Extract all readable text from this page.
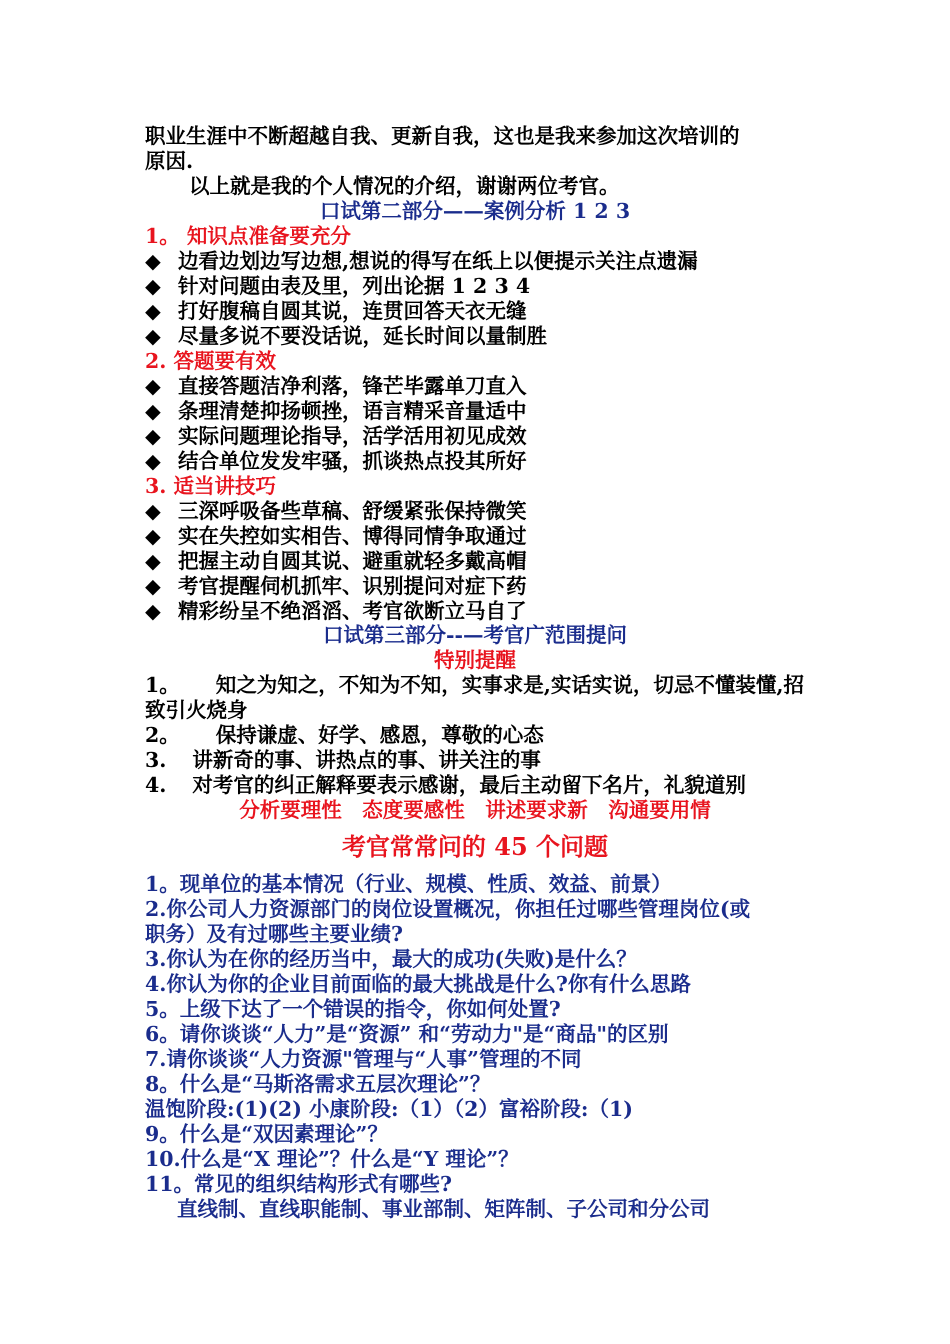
职业生涯中不断超越自我、更新自我，这也是我来参加这次培训的
原因.
以上就是我的个人情况的介绍，谢谢两位考官。
口试第二部分——案例分析 1 2 3
1。 知识点准备要充分
◆ 边看边划边写边想,想说的得写在纸上以便提示关注点遗漏
◆ 针对问题由表及里，列出论据 1 2 3 4
◆ 打好腹稿自圆其说，连贯回答天衣无缝
◆ 尽量多说不要没话说，延长时间以量制胜
2. 答题要有效
◆ 直接答题洁净利落，锋芒毕露单刀直入
◆ 条理清楚抑扬顿挫，语言精采音量适中
◆ 实际问题理论指导，活学活用初见成效
◆ 结合单位发发牢骚，抓谈热点投其所好
3. 适当讲技巧
◆ 三深呼吸备些草稿、舒缓紧张保持微笑
◆ 实在失控如实相告、博得同情争取通过
◆ 把握主动自圆其说、避重就轻多戴高帽
◆ 考官提醒伺机抓牢、识别提问对症下药
◆ 精彩纷呈不绝滔滔、考官欲断立马自了
口试第三部分--—考官广范围提问
特别提醒
1。 知之为知之，不知为不知，实事求是,实话实说，切忌不懂装懂,招致引火烧身
2。 保持谦虚、好学、感恩，尊敬的心态
3. 讲新奇的事、讲热点的事、讲关注的事
4. 对考官的纠正解释要表示感谢，最后主动留下名片，礼貌道别
分析要理性　态度要感性　讲述要求新　沟通要用情
考官常常问的 45 个问题
1。现单位的基本情况（行业、规模、性质、效益、前景）
2.你公司人力资源部门的岗位设置概况，你担任过哪些管理岗位(或
职务）及有过哪些主要业绩?
3.你认为在你的经历当中，最大的成功(失败)是什么？
4.你认为你的企业目前面临的最大挑战是什么?你有什么思路
5。上级下达了一个错误的指令，你如何处置?
6。请你谈谈“人力”是“资源” 和“劳动力"是“商品"的区别
7.请你谈谈“人力资源"管理与“人事”管理的不同
8。什么是“马斯洛需求五层次理论”？
温饱阶段:(1)(2) 小康阶段:（1）（2）富裕阶段:（1)
9。什么是“双因素理论”？
10.什么是“X 理论”？什么是“Y 理论”？
11。常见的组织结构形式有哪些?
直线制、直线职能制、事业部制、矩阵制、子公司和分公司
